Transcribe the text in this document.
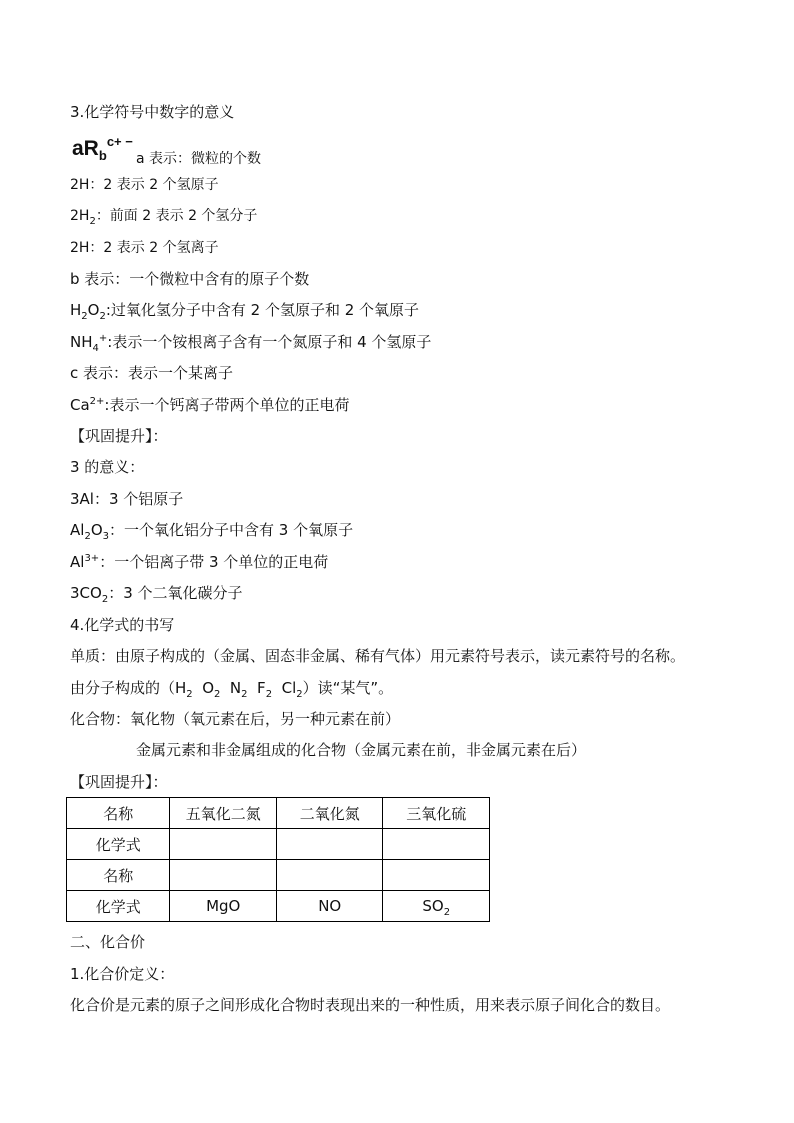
3.化学符号中数字的意义
$aR_b^{c+ -}$
a 表示：微粒的个数
2H：2 表示 2 个氢原子
$2H_2$：前面 2 表示 2 个氢分子
2H：2 表示 2 个氢离子
b 表示：一个微粒中含有的原子个数
$H_2O_2$:过氧化氢分子中含有 2 个氢原子和 2 个氧原子
$NH_4^+$:表示一个铵根离子含有一个氮原子和 4 个氢原子
c 表示：表示一个某离子
$Ca^{2+}$:表示一个钙离子带两个单位的正电荷
【巩固提升】：
3 的意义：
3Al：3 个铝原子
$Al_2O_3$：一个氧化铝分子中含有 3 个氧原子
$Al^{3+}$：一个铝离子带 3 个单位的正电荷
$3CO_2$：3 个二氧化碳分子
4.化学式的书写
单质：由原子构成的（金属、固态非金属、稀有气体）用元素符号表示，读元素符号的名称。
由分子构成的（$H_2$  $O_2$  $N_2$  $F_2$  $Cl_2$）读“某气”。
化合物：氧化物（氧元素在后，另一种元素在前）
金属元素和非金属组成的化合物（金属元素在前，非金属元素在后）
【巩固提升】：
名称	五氧化二氮	二氧化氮	三氧化硫
化学式			
名称			
化学式	MgO	NO	$SO_2$
二、化合价
1.化合价定义：
化合价是元素的原子之间形成化合物时表现出来的一种性质，用来表示原子间化合的数目。
